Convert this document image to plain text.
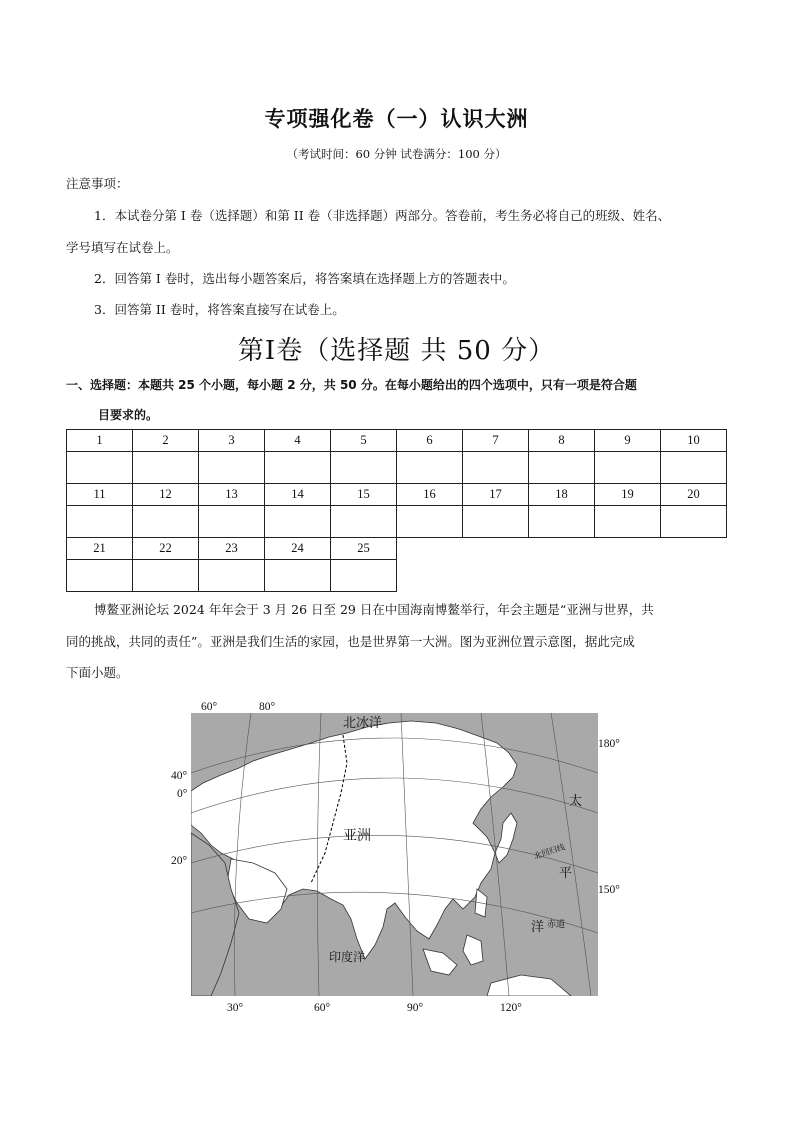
专项强化卷（一）认识大洲
（考试时间：60 分钟 试卷满分：100 分）
注意事项：
1．本试卷分第 I 卷（选择题）和第 II 卷（非选择题）两部分。答卷前，考生务必将自己的班级、姓名、
学号填写在试卷上。
2．回答第 I 卷时，选出每小题答案后，将答案填在选择题上方的答题表中。
3．回答第 II 卷时，将答案直接写在试卷上。
第I卷（选择题 共 50 分）
一、选择题：本题共 25 个小题，每小题 2 分，共 50 分。在每小题给出的四个选项中，只有一项是符合题
目要求的。
1	2	3	4	5	6	7	8	9	10

11	12	13	14	15	16	17	18	19	20

21	22	23	24	25					

博鳌亚洲论坛 2024 年年会于 3 月 26 日至 29 日在中国海南博鳌举行，年会主题是“亚洲与世界，共
同的挑战，共同的责任”。亚洲是我们生活的家园，也是世界第一大洲。图为亚洲位置示意图，据此完成
下面小题。
60°	80°
40°
0°
20°
180°
150°
30°	60°	90°	120°
北冰洋
亚洲
太
平
洋
印度洋
赤道
北回归线
